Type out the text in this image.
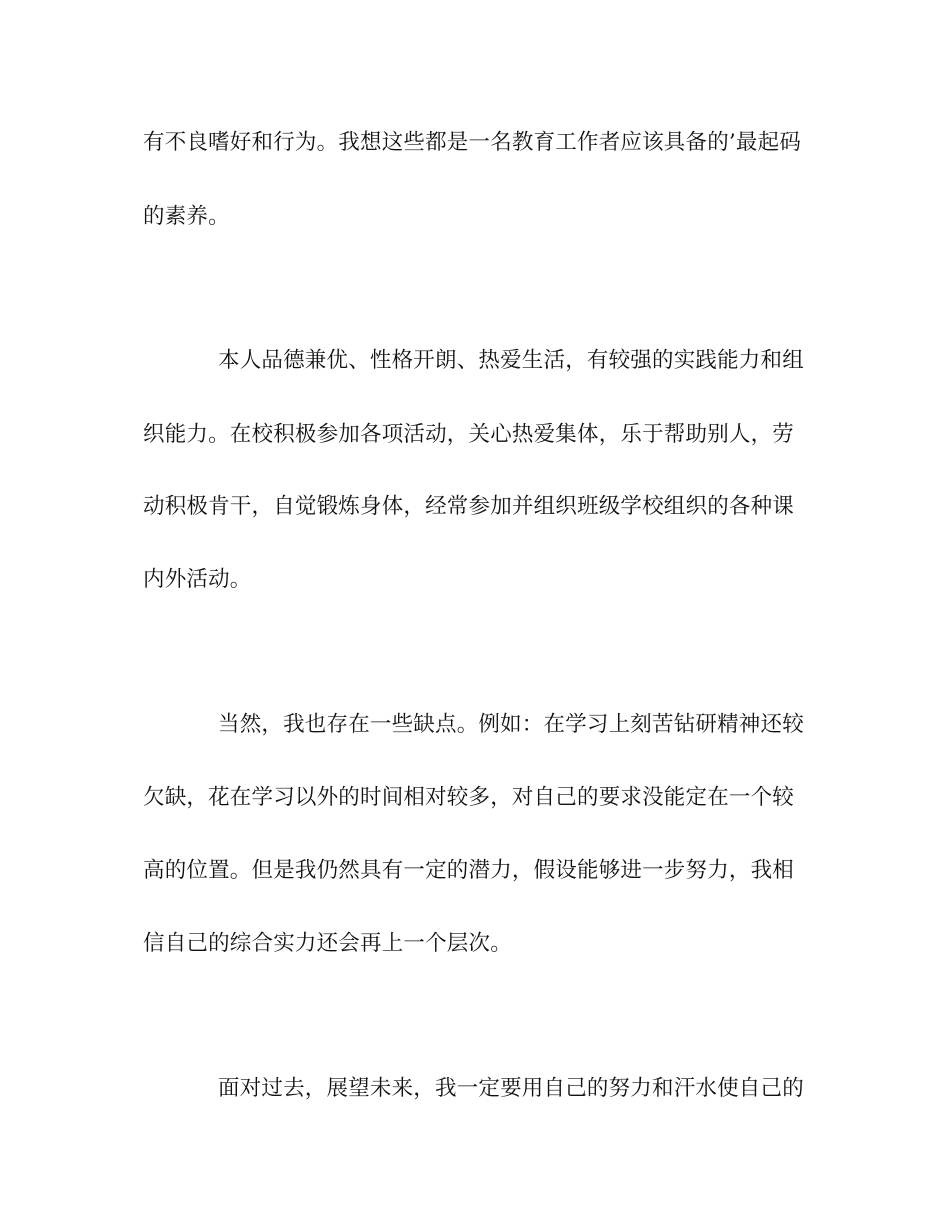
有不良嗜好和行为。我想这些都是一名教育工作者应该具备的’最起码
的素养。
本人品德兼优、性格开朗、热爱生活，有较强的实践能力和组
织能力。在校积极参加各项活动，关心热爱集体，乐于帮助别人，劳
动积极肯干，自觉锻炼身体，经常参加并组织班级学校组织的各种课
内外活动。
当然，我也存在一些缺点。例如：在学习上刻苦钻研精神还较
欠缺，花在学习以外的时间相对较多，对自己的要求没能定在一个较
高的位置。但是我仍然具有一定的潜力，假设能够进一步努力，我相
信自己的综合实力还会再上一个层次。
面对过去，展望未来，我一定要用自己的努力和汗水使自己的
